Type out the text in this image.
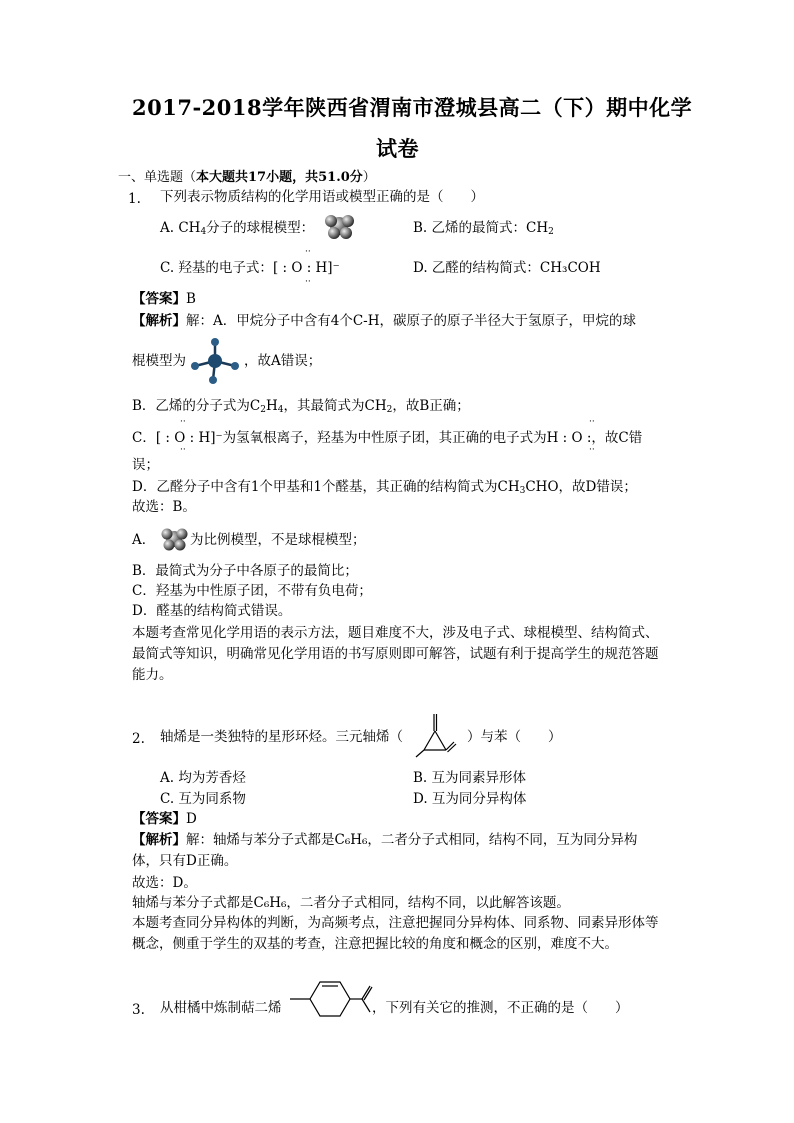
2017-2018学年陕西省渭南市澄城县高二（下）期中化学
试卷
一、单选题（本大题共17小题，共51.0分）
1. 下列表示物质结构的化学用语或模型正确的是（　　）
A. $CH_4$分子的球棍模型：	B. 乙烯的最简式：$CH_2$
C. 羟基的电子式：[ : O : H]⁻
··
··
D. 乙醛的结构简式：CH₃COH
【答案】B
【解析】解：A．甲烷分子中含有4个C-H，碳原子的原子半径大于氢原子，甲烷的球
棍模型为	，故A错误；
B．乙烯的分子式为$C_2H_4$，其最简式为$CH_2$，故B正确；
C．[ : O : H]⁻为氢氧根离子，羟基为中性原子团，其正确的电子式为H : O :，故C错
··
··
··
··
误；
D．乙醛分子中含有1个甲基和1个醛基，其正确的结构简式为$CH_3CHO$，故D错误；
故选：B。
A．	为比例模型，不是球棍模型；
B．最简式为分子中各原子的最简比；
C．羟基为中性原子团，不带有负电荷；
D．醛基的结构简式错误。
本题考查常见化学用语的表示方法，题目难度不大，涉及电子式、球棍模型、结构简式、最简式等知识，明确常见化学用语的书写原则即可解答，试题有利于提高学生的规范答题能力。
2. 轴烯是一类独特的星形环烃。三元轴烯（	）与苯（　　）
A. 均为芳香烃	B. 互为同素异形体
C. 互为同系物	D. 互为同分异构体
【答案】D
【解析】解：轴烯与苯分子式都是C₆H₆，二者分子式相同，结构不同，互为同分异构体，只有D正确。
故选：D。
轴烯与苯分子式都是C₆H₆，二者分子式相同，结构不同，以此解答该题。
本题考查同分异构体的判断，为高频考点，注意把握同分异构体、同系物、同素异形体等概念，侧重于学生的双基的考查，注意把握比较的角度和概念的区别，难度不大。
3. 从柑橘中炼制萜二烯	，下列有关它的推测，不正确的是（　　）
